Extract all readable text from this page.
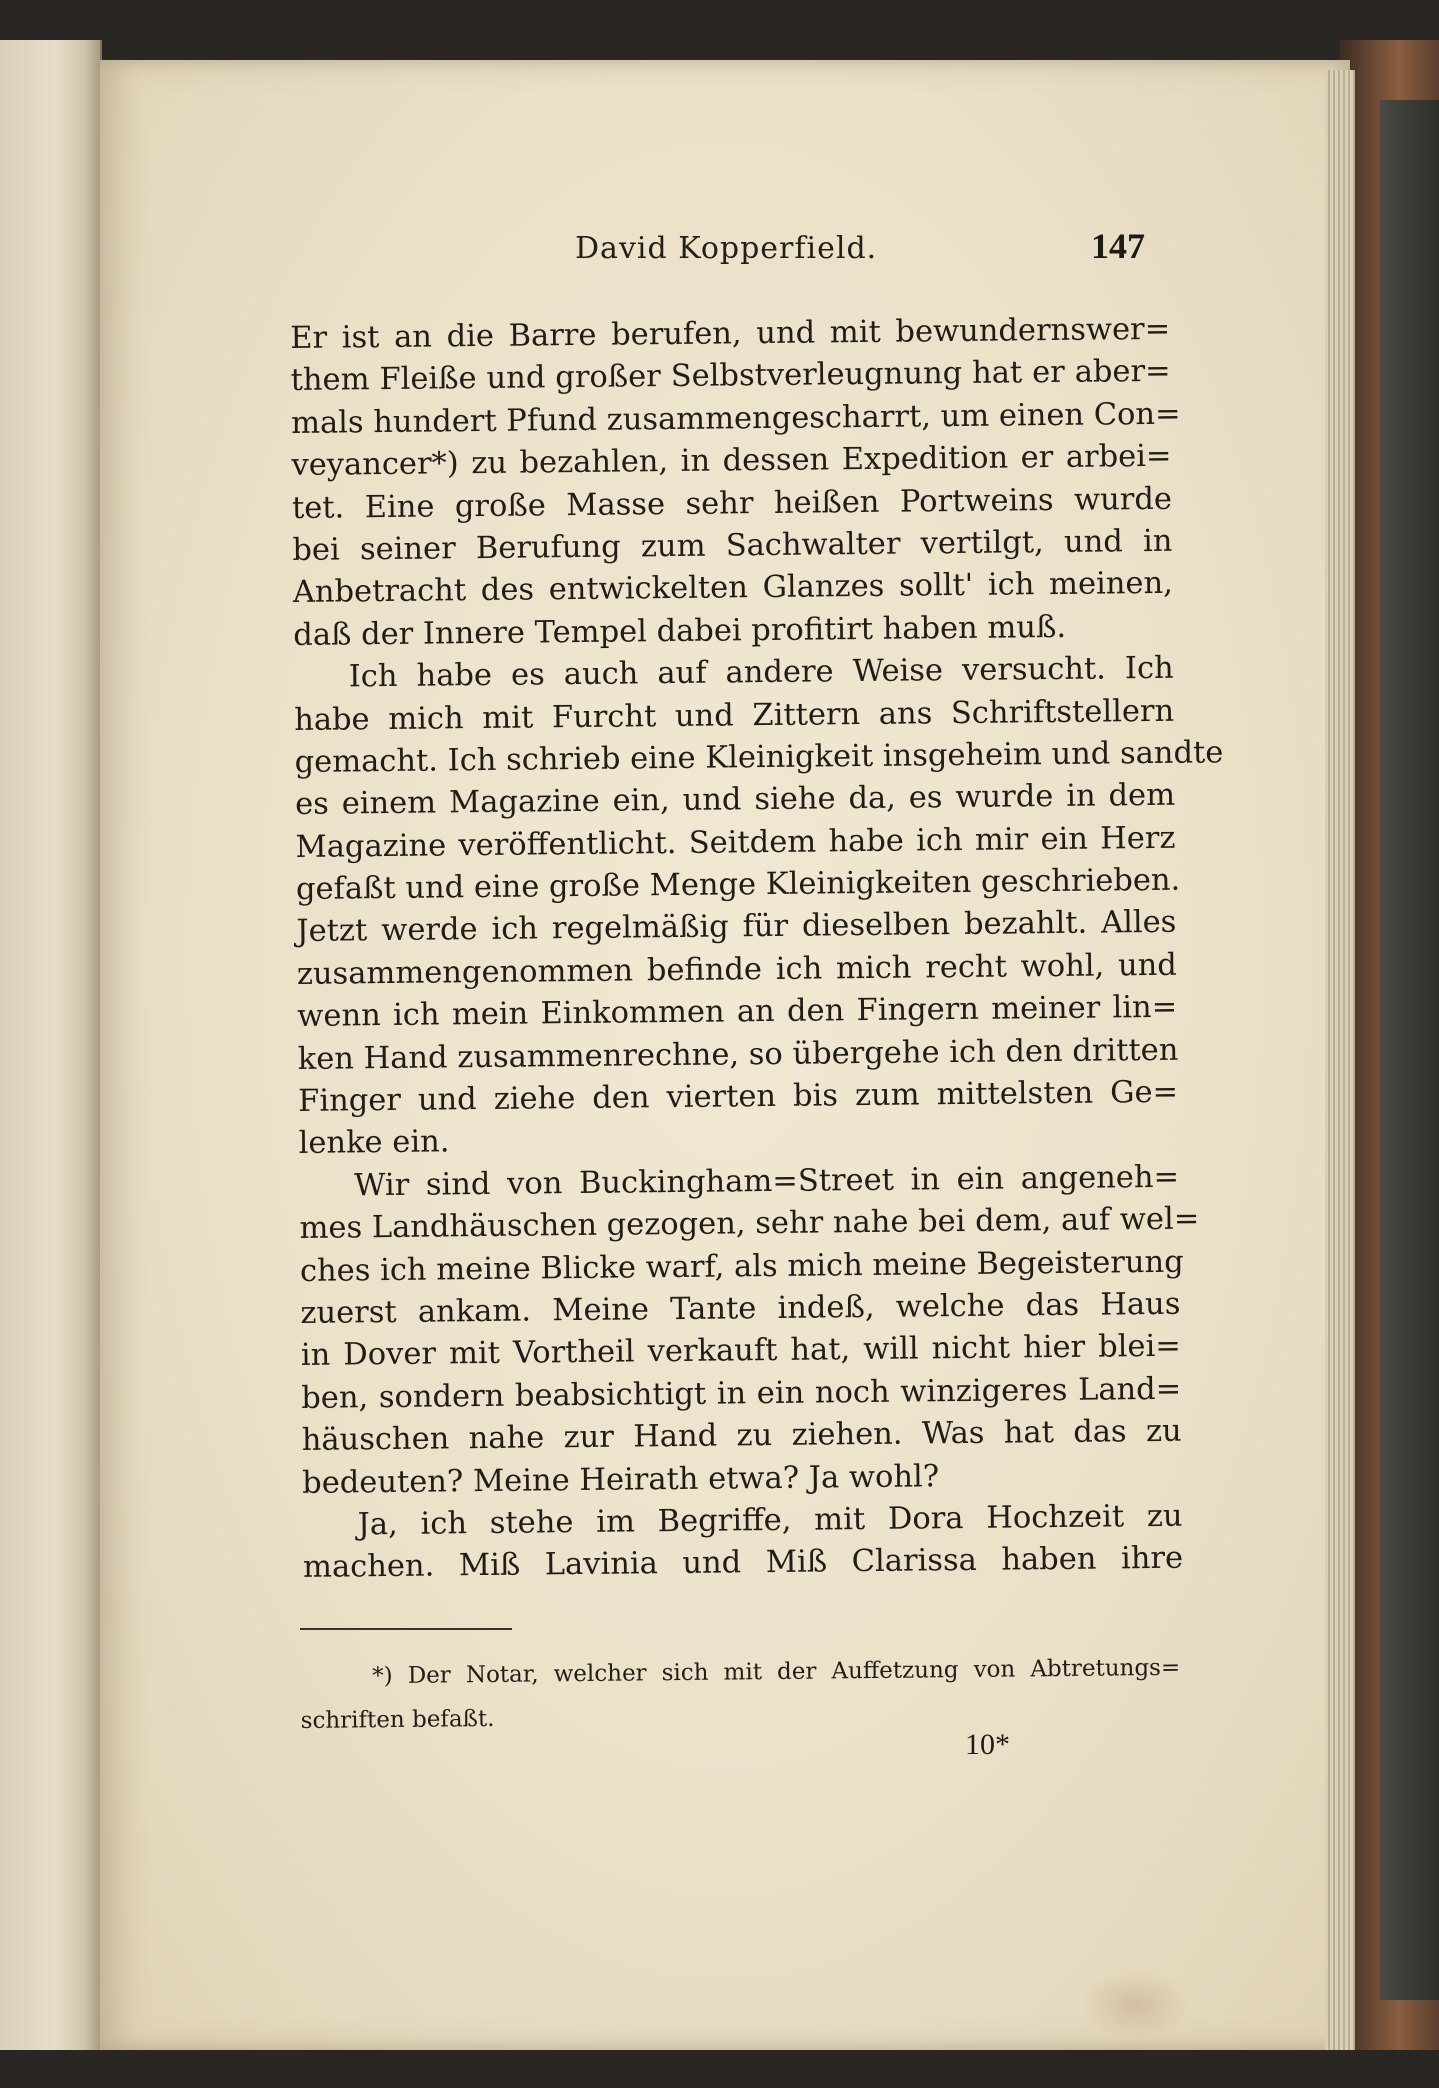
David Kopperfield.	147
Er ist an die Barre berufen, und mit bewundernswer=
them Fleiße und großer Selbstverleugnung hat er aber=
mals hundert Pfund zusammengescharrt, um einen Con=
veyancer*) zu bezahlen, in dessen Expedition er arbei=
tet. Eine große Masse sehr heißen Portweins wurde
bei seiner Berufung zum Sachwalter vertilgt, und in
Anbetracht des entwickelten Glanzes sollt' ich meinen,
daß der Innere Tempel dabei profitirt haben muß.
Ich habe es auch auf andere Weise versucht. Ich
habe mich mit Furcht und Zittern ans Schriftstellern
gemacht. Ich schrieb eine Kleinigkeit insgeheim und sandte
es einem Magazine ein, und siehe da, es wurde in dem
Magazine veröffentlicht. Seitdem habe ich mir ein Herz
gefaßt und eine große Menge Kleinigkeiten geschrieben.
Jetzt werde ich regelmäßig für dieselben bezahlt. Alles
zusammengenommen befinde ich mich recht wohl, und
wenn ich mein Einkommen an den Fingern meiner lin=
ken Hand zusammenrechne, so übergehe ich den dritten
Finger und ziehe den vierten bis zum mittelsten Ge=
lenke ein.
Wir sind von Buckingham=Street in ein angeneh=
mes Landhäuschen gezogen, sehr nahe bei dem, auf wel=
ches ich meine Blicke warf, als mich meine Begeisterung
zuerst ankam. Meine Tante indeß, welche das Haus
in Dover mit Vortheil verkauft hat, will nicht hier blei=
ben, sondern beabsichtigt in ein noch winzigeres Land=
häuschen nahe zur Hand zu ziehen. Was hat das zu
bedeuten? Meine Heirath etwa? Ja wohl?
Ja, ich stehe im Begriffe, mit Dora Hochzeit zu
machen. Miß Lavinia und Miß Clarissa haben ihre
*) Der Notar, welcher sich mit der Auffetzung von Abtretungs=
schriften befaßt.
10*
